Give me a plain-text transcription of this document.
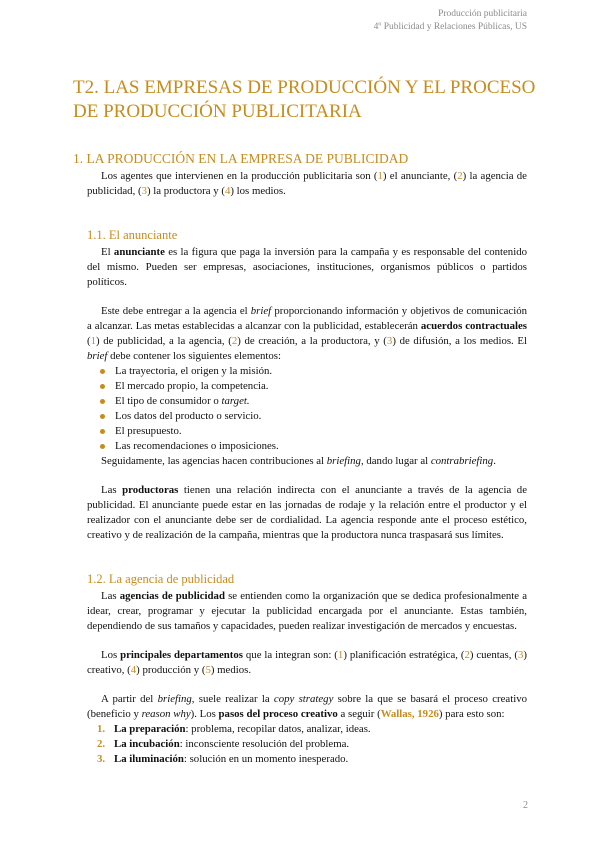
Producción publicitaria
4º Publicidad y Relaciones Públicas, US
T2. LAS EMPRESAS DE PRODUCCIÓN Y EL PROCESO DE PRODUCCIÓN PUBLICITARIA
1. LA PRODUCCIÓN EN LA EMPRESA DE PUBLICIDAD

Los agentes que intervienen en la producción publicitaria son (1) el anunciante, (2) la agencia de publicidad, (3) la productora y (4) los medios.

1.1. El anunciante

El anunciante es la figura que paga la inversión para la campaña y es responsable del contenido del mismo. Pueden ser empresas, asociaciones, instituciones, organismos públicos o partidos políticos.

Este debe entregar a la agencia el brief proporcionando información y objetivos de comunicación a alcanzar. Las metas establecidas a alcanzar con la publicidad, establecerán acuerdos contractuales (1) de publicidad, a la agencia, (2) de creación, a la productora, y (3) de difusión, a los medios. El brief debe contener los siguientes elementos:

La trayectoria, el origen y la misión.
El mercado propio, la competencia.
El tipo de consumidor o target.
Los datos del producto o servicio.
El presupuesto.
Las recomendaciones o imposiciones.

Seguidamente, las agencias hacen contribuciones al briefing, dando lugar al contrabriefing.

Las productoras tienen una relación indirecta con el anunciante a través de la agencia de publicidad. El anunciante puede estar en las jornadas de rodaje y la relación entre el productor y el realizador con el anunciante debe ser de cordialidad. La agencia responde ante el proceso estético, creativo y de realización de la campaña, mientras que la productora nunca traspasará sus límites.

1.2. La agencia de publicidad

Las agencias de publicidad se entienden como la organización que se dedica profesionalmente a idear, crear, programar y ejecutar la publicidad encargada por el anunciante. Estas también, dependiendo de sus tamaños y capacidades, pueden realizar investigación de mercados y encuestas.

Los principales departamentos que la integran son: (1) planificación estratégica, (2) cuentas, (3) creativo, (4) producción y (5) medios.

A partir del briefing, suele realizar la copy strategy sobre la que se basará el proceso creativo (beneficio y reason why). Los pasos del proceso creativo a seguir (Wallas, 1926) para esto son:

1. La preparación: problema, recopilar datos, analizar, ideas.
2. La incubación: inconsciente resolución del problema.
3. La iluminación: solución en un momento inesperado.
2
